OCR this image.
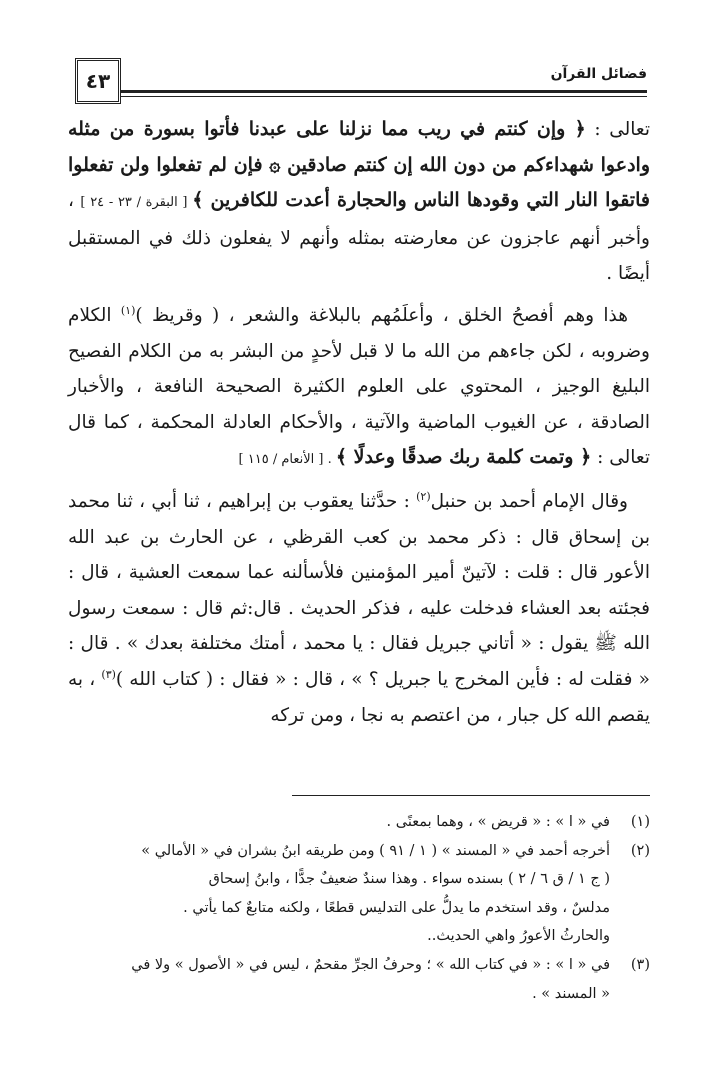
٤٣	فضائل القرآن

تعالى : ﴿ وإن كنتم في ريب مما نزلنا على عبدنا فأتوا بسورة من مثله وادعوا شهداءكم من دون الله إن كنتم صادقين ۞ فإن لم تفعلوا ولن تفعلوا فاتقوا النار التي وقودها الناس والحجارة أعدت للكافرين ﴾ [ البقرة / ٢٣ - ٢٤ ] ، وأخبر أنهم عاجزون عن معارضته بمثله وأنهم لا يفعلون ذلك في المستقبل أيضًا .

هذا وهم أفصحُ الخلق ، وأعلَمُهم بالبلاغة والشعر ، ( وقريظ )$^{(١)}$ الكلام وضروبه ، لكن جاءهم من الله ما لا قبل لأحدٍ من البشر به من الكلام الفصيح البليغ الوجيز ، المحتوي على العلوم الكثيرة الصحيحة النافعة ، والأخبار الصادقة ، عن الغيوب الماضية والآتية ، والأحكام العادلة المحكمة ، كما قال تعالى : ﴿ وتمت كلمة ربك صدقًا وعدلًا ﴾ . [ الأنعام / ١١٥ ]

وقال الإمام أحمد بن حنبل$^{(٢)}$ : حدَّثنا يعقوب بن إبراهيم ، ثنا أبي ، ثنا محمد بن إسحاق قال : ذكر محمد بن كعب القرظي ، عن الحارث بن عبد الله الأعور قال : قلت : لآتينّ أمير المؤمنين فلأسألنه عما سمعت العشية ، قال : فجئته بعد العشاء فدخلت عليه ، فذكر الحديث . قال:ثم قال : سمعت رسول الله ﷺ يقول : « أتاني جبريل فقال : يا محمد ، أمتك مختلفة بعدك » . قال : « فقلت له : فأين المخرج يا جبريل ؟ » ، قال : « فقال : ( كتاب الله )$^{(٣)}$ ، به يقصم الله كل جبار ، من اعتصم به نجا ، ومن تركه

(١)
في « ا » : « قريض » ، وهما بمعنًى .
(٢)
أخرجه أحمد في « المسند » ( ١ / ٩١ ) ومن طريقه ابنُ بشران في « الأمالي »
( ج ١ / ق ٦ / ٢ ) بسنده سواء . وهذا سندٌ ضعيفٌ جدًّا ، وابنُ إسحاق
مدلسٌ ، وقد استخدم ما يدلُّ على التدليس قطعًا ، ولكنه متابعٌ كما يأتي .
والحارثُ الأعورُ واهي الحديث..
(٣)
في « ا » : « في كتاب الله » ؛ وحرفُ الجرِّ مقحمٌ ، ليس في « الأصول » ولا في
« المسند » .
